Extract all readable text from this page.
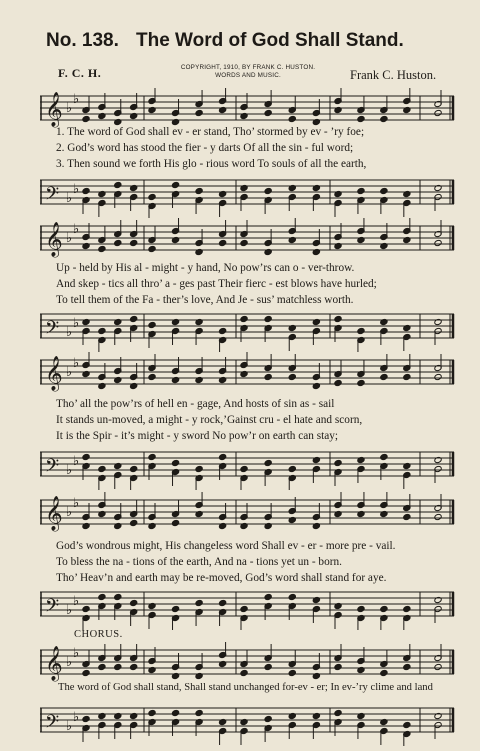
No. 138. The Word of God Shall Stand.
F. C. H.	COPYRIGHT, 1910, BY FRANK C. HUSTON.
WORDS AND MUSIC.	Frank C. Huston.
𝄞 ♭
♭
1. The word of God shall ev - er stand, Tho’ stormed by ev - ’ry foe;
2. God’s word has stood the fier - y darts Of all the sin - ful word;
3. Then sound we forth His glo - rious word To souls of all the earth,
𝄢 ♭
♭
𝄞 ♭
♭
Up - held by His al - might - y hand, No pow’rs can o - ver-throw.
And skep - tics all thro’ a - ges past Their fierc - est blows have hurled;
To tell them of the Fa - ther’s love, And Je - sus’ matchless worth.
𝄢 ♭
♭
𝄞 ♭
♭
Tho’ all the pow’rs of hell en - gage, And hosts of sin as - sail
It stands un-moved, a might - y rock,’Gainst cru - el hate and scorn,
It is the Spir - it’s might - y sword No pow’r on earth can stay;
𝄢 ♭
♭
𝄞 ♭
♭
God’s wondrous might, His changeless word Shall ev - er - more pre - vail.
To bless the na - tions of the earth, And na - tions yet un - born.
Tho’ Heav’n and earth may be re-moved, God’s word shall stand for aye.
𝄢 ♭
♭
CHORUS.
𝄞 ♭
♭
The word of God shall stand, Shall stand unchanged for-ev - er; In ev-’ry clime and land
𝄢 ♭
♭
